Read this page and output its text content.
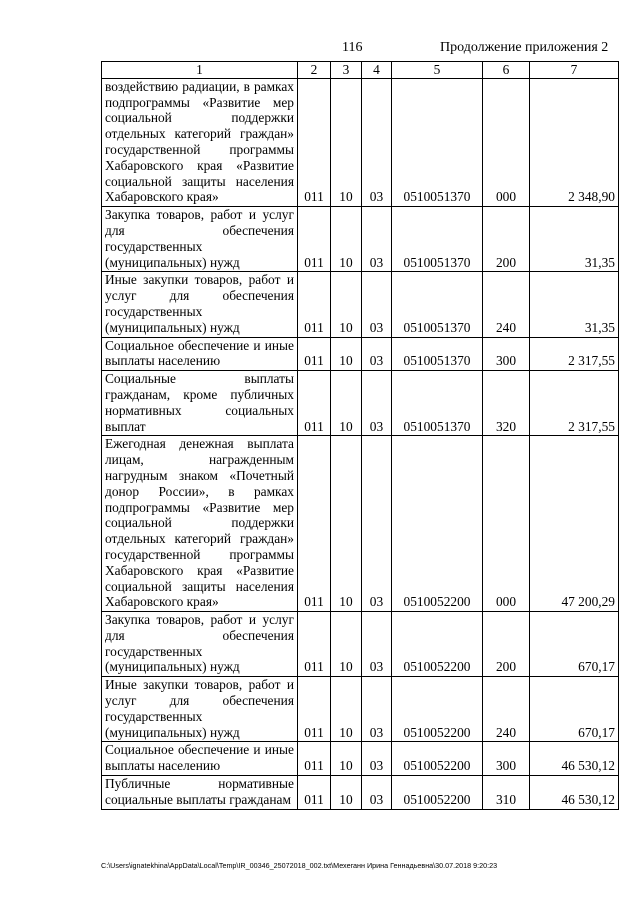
116	Продолжение приложения 2
1	2	3	4	5	6	7
воздействию радиации, в рамках подпрограммы «Развитие мер социальной поддержки отдельных категорий граждан» государственной программы Хабаровского края «Развитие социальной защиты населения Хабаровского края»	011	10	03	0510051370	000	2 348,90
Закупка товаров, работ и услуг для обеспечения государственных (муниципальных) нужд	011	10	03	0510051370	200	31,35
Иные закупки товаров, работ и услуг для обеспечения государственных (муниципальных) нужд	011	10	03	0510051370	240	31,35
Социальное обеспечение и иные выплаты населению	011	10	03	0510051370	300	2 317,55
Социальные выплаты гражданам, кроме публичных нормативных социальных выплат	011	10	03	0510051370	320	2 317,55
Ежегодная денежная выплата лицам, награжденным нагрудным знаком «Почетный донор России», в рамках подпрограммы «Развитие мер социальной поддержки отдельных категорий граждан» государственной программы Хабаровского края «Развитие социальной защиты населения Хабаровского края»	011	10	03	0510052200	000	47 200,29
Закупка товаров, работ и услуг для обеспечения государственных (муниципальных) нужд	011	10	03	0510052200	200	670,17
Иные закупки товаров, работ и услуг для обеспечения государственных (муниципальных) нужд	011	10	03	0510052200	240	670,17
Социальное обеспечение и иные выплаты населению	011	10	03	0510052200	300	46 530,12
Публичные нормативные социальные выплаты гражданам	011	10	03	0510052200	310	46 530,12
C:\Users\ignatekhina\AppData\Local\Temp\IR_00346_25072018_002.txt\Мехеганн Ирина Геннадьевна\30.07.2018 9:20:23
